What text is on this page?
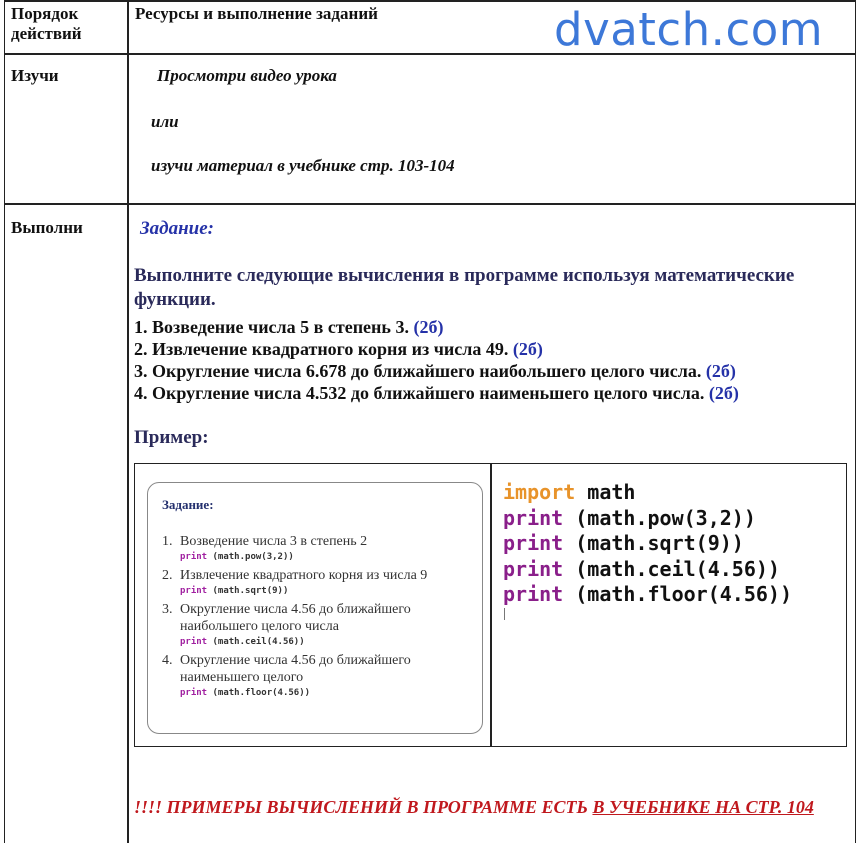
Порядок действий
Ресурсы и выполнение заданий
Изучи	Просмотри видео урока
или
изучи материал в учебнике стр. 103-104
Выполни
dvatch.com
Задание:
Выполните следующие вычисления в программе используя математические функции.
1. Возведение числа 5 в степень 3. (2б)
2. Извлечение квадратного корня из числа 49. (2б)
3. Округление числа 6.678 до ближайшего наибольшего целого числа. (2б)
4. Округление числа 4.532 до ближайшего наименьшего целого числа. (2б)
Пример:
Задание:
1. Возведение числа 3 в степень 2
print (math.pow(3,2))
2. Извлечение квадратного корня из числа 9
print (math.sqrt(9))
3. Округление числа 4.56 до ближайшего наибольшего целого числа
print (math.ceil(4.56))
4. Округление числа 4.56 до ближайшего наименьшего целого
print (math.floor(4.56))
import math
print (math.pow(3,2))
print (math.sqrt(9))
print (math.ceil(4.56))
print (math.floor(4.56))
!!!! ПРИМЕРЫ ВЫЧИСЛЕНИЙ В ПРОГРАММЕ ЕСТЬ В УЧЕБНИКЕ НА СТР. 104
